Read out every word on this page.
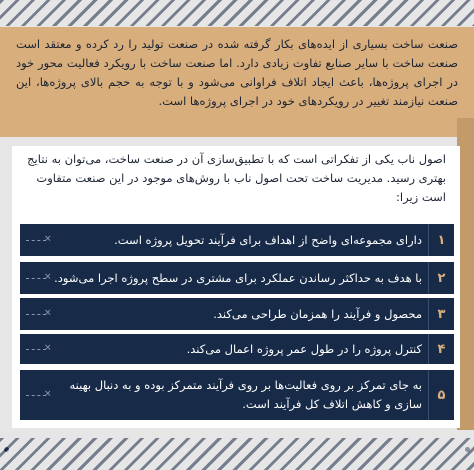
صنعت ساخت بسیاری از ایده‌های بکار گرفته شده در صنعت تولید را رد کرده و معتقد است صنعت ساخت با سایر صنایع تفاوت زیادی دارد. اما صنعت ساخت با رویکرد فعالیت محور خود در اجرای پروژه‌ها، باعث ایجاد اتلاف فراوانی می‌شود و با توجه به حجم بالای پروژه‌ها، این صنعت نیازمند تغییر در رویکردهای خود در اجرای پروژه‌ها است.

اصول ناب یکی از تفکراتی است که با تطبیق‌سازی آن در صنعت ساخت، می‌توان به نتایج بهتری رسید. مدیریت ساخت تحت اصول ناب با روش‌های موجود در این صنعت متفاوت است زیرا:

۱
دارای مجموعه‌ای واضح از اهداف برای فرآیند تحویل پروژه است.
✕
۲
با هدف به حداکثر رساندن عملکرد برای مشتری در سطح پروژه اجرا می‌شود.
✕
۳
محصول و فرآیند را همزمان طراحی می‌کند.
✕
۴
کنترل پروژه را در طول عمر پروژه اعمال می‌کند.
✕
۵
به جای تمرکز بر روی فعالیت‌ها بر روی فرآیند متمرکز بوده و به دنبال بهینه سازی و کاهش اتلاف کل فرآیند است.
✕
